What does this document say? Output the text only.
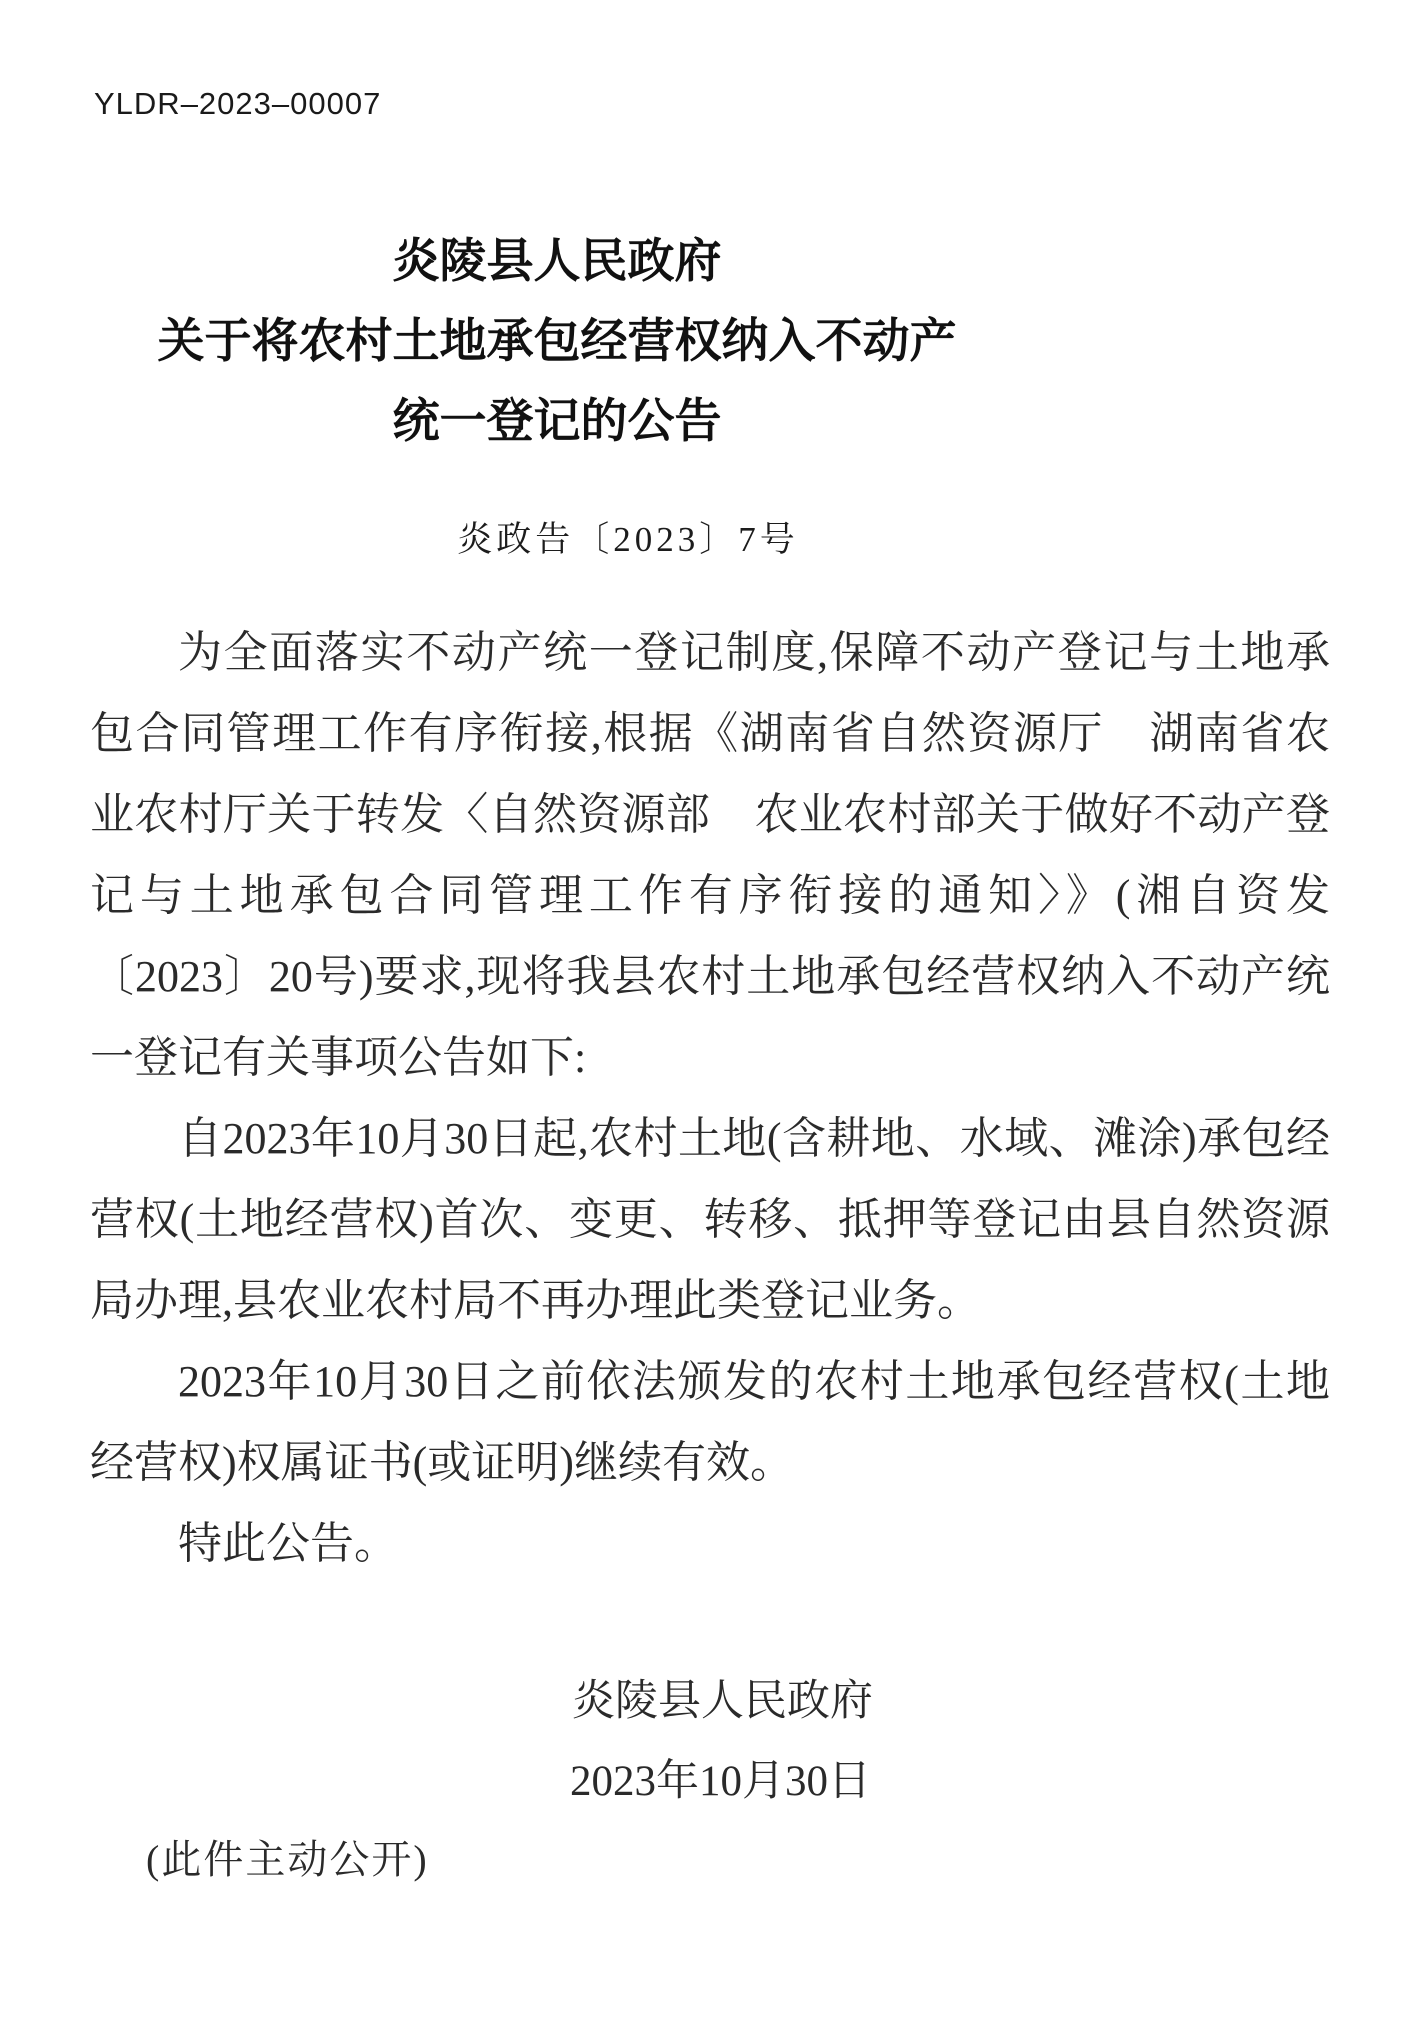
YLDR–2023–00007
炎陵县人民政府
关于将农村土地承包经营权纳入不动产
统一登记的公告
炎政告〔2023〕7号

为全面落实不动产统一登记制度,保障不动产登记与土地承包合同管理工作有序衔接,根据《湖南省自然资源厅　湖南省农业农村厅关于转发〈自然资源部　农业农村部关于做好不动产登记与土地承包合同管理工作有序衔接的通知〉》(湘自资发〔2023〕20号)要求,现将我县农村土地承包经营权纳入不动产统一登记有关事项公告如下:

自2023年10月30日起,农村土地(含耕地、水域、滩涂)承包经营权(土地经营权)首次、变更、转移、抵押等登记由县自然资源局办理,县农业农村局不再办理此类登记业务。

2023年10月30日之前依法颁发的农村土地承包经营权(土地经营权)权属证书(或证明)继续有效。

特此公告。

炎陵县人民政府
2023年10月30日
(此件主动公开)
